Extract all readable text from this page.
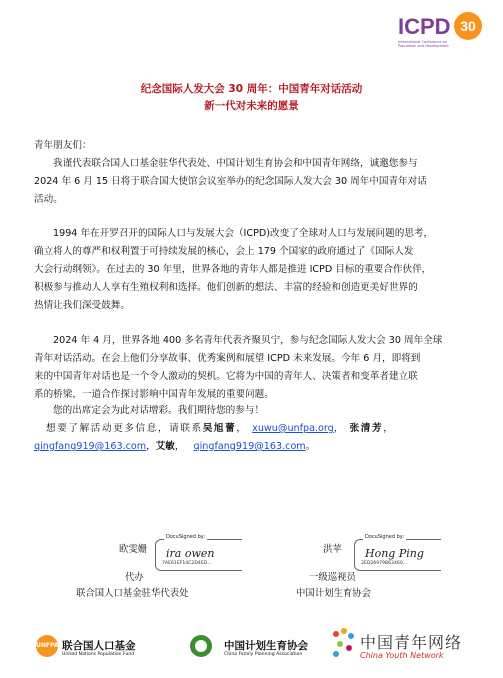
ICPD 30
International Conference on Population and Development
纪念国际人发大会 30 周年：中国青年对话活动
新一代对未来的愿景
青年朋友们：
我谨代表联合国人口基金驻华代表处、中国计划生育协会和中国青年网络，诚邀您参与
2024 年 6 月 15 日将于联合国大使馆会议室举办的纪念国际人发大会 30 周年中国青年对话
活动。
1994 年在开罗召开的国际人口与发展大会（ICPD)改变了全球对人口与发展问题的思考，
确立将人的尊严和权利置于可持续发展的核心，会上 179 个国家的政府通过了《国际人发
大会行动纲领》。在过去的 30 年里，世界各地的青年人都是推进 ICPD 目标的重要合作伙伴，
积极参与推动人人享有生殖权利和选择。他们创新的想法、丰富的经验和创造更美好世界的
热情让我们深受鼓舞。
2024 年 4 月，世界各地 400 多名青年代表齐聚贝宁，参与纪念国际人发大会 30 周年全球
青年对话活动。在会上他们分享故事、优秀案例和展望 ICPD 未来发展。今年 6 月，即将到
来的中国青年对话也是一个令人激动的契机。它将为中国的青年人、决策者和变革者建立联
系的桥梁，一道合作探讨影响中国青年发展的重要问题。
您的出席定会为此对话增彩。我们期待您的参与！
想要了解活动更多信息，请联系吴旭蕾， xuwu@unfpa.org， 张清芳，
qingfang919@163.com，艾敏， qingfang919@163.com。
欧雯姗
DocuSigned by:
ira owen
7AE61EF14C2D4ED...
代办
联合国人口基金驻华代表处
洪苹
DocuSigned by:
Hong Ping
2ED26979B63460...
一级巡视员
中国计划生育协会
UNFPA 联合国人口基金
United Nations Population Fund
中国计划生育协会
China Family Planning Association
中国青年网络
China Youth Network
